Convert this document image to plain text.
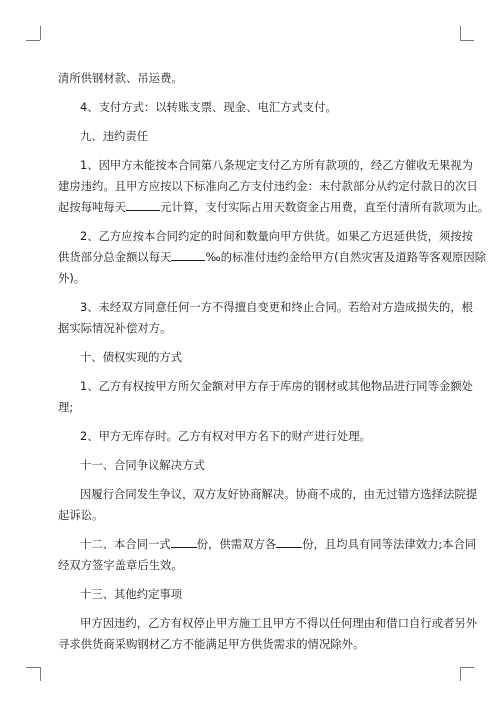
清所供钢材款、吊运费。

4、支付方式：以转账支票、现金、电汇方式支付。

九、违约责任

1、因甲方未能按本合同第八条规定支付乙方所有款项的，经乙方催收无果视为
建房违约。且甲方应按以下标准向乙方支付违约金：未付款部分从约定付款日的次日
起按每吨每天	元计算，支付实际占用天数资金占用费，直至付清所有款项为止。

2、乙方应按本合同约定的时间和数量向甲方供货。如果乙方迟延供货，须按按
供货部分总金额以每天	‰的标准付违约金给甲方(自然灾害及道路等客观原因除
外)。

3、未经双方同意任何一方不得擅自变更和终止合同。若给对方造成损失的，根
据实际情况补偿对方。

十、债权实现的方式

1、乙方有权按甲方所欠金额对甲方存于库房的钢材或其他物品进行同等金额处
理;

2、甲方无库存时。乙方有权对甲方名下的财产进行处理。

十一、合同争议解决方式

因履行合同发生争议，双方友好协商解决。协商不成的，由无过错方选择法院提
起诉讼。

十二、本合同一式 份，供需双方各 份，且均具有同等法律效力;本合同
经双方签字盖章后生效。

十三、其他约定事项

甲方因违约，乙方有权停止甲方施工且甲方不得以任何理由和借口自行或者另外
寻求供货商采购钢材乙方不能满足甲方供货需求的情况除外。
